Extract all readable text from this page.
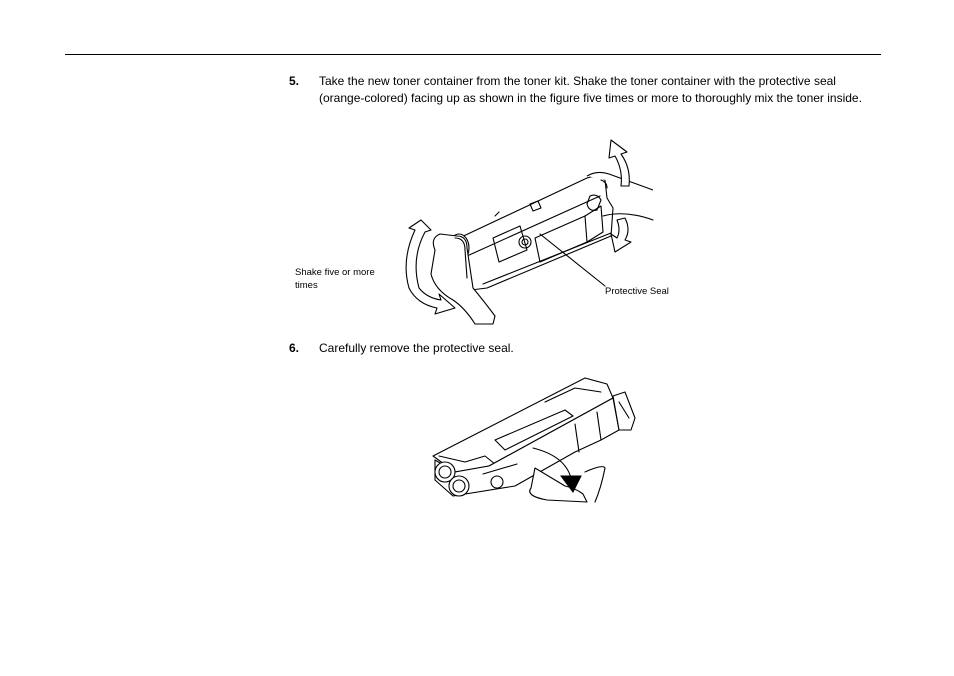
5. Take the new toner container from the toner kit. Shake the toner container with the protective seal (orange-colored) facing up as shown in the figure five times or more to thoroughly mix the toner inside.
Shake five or more times
Protective Seal
6. Carefully remove the protective seal.
